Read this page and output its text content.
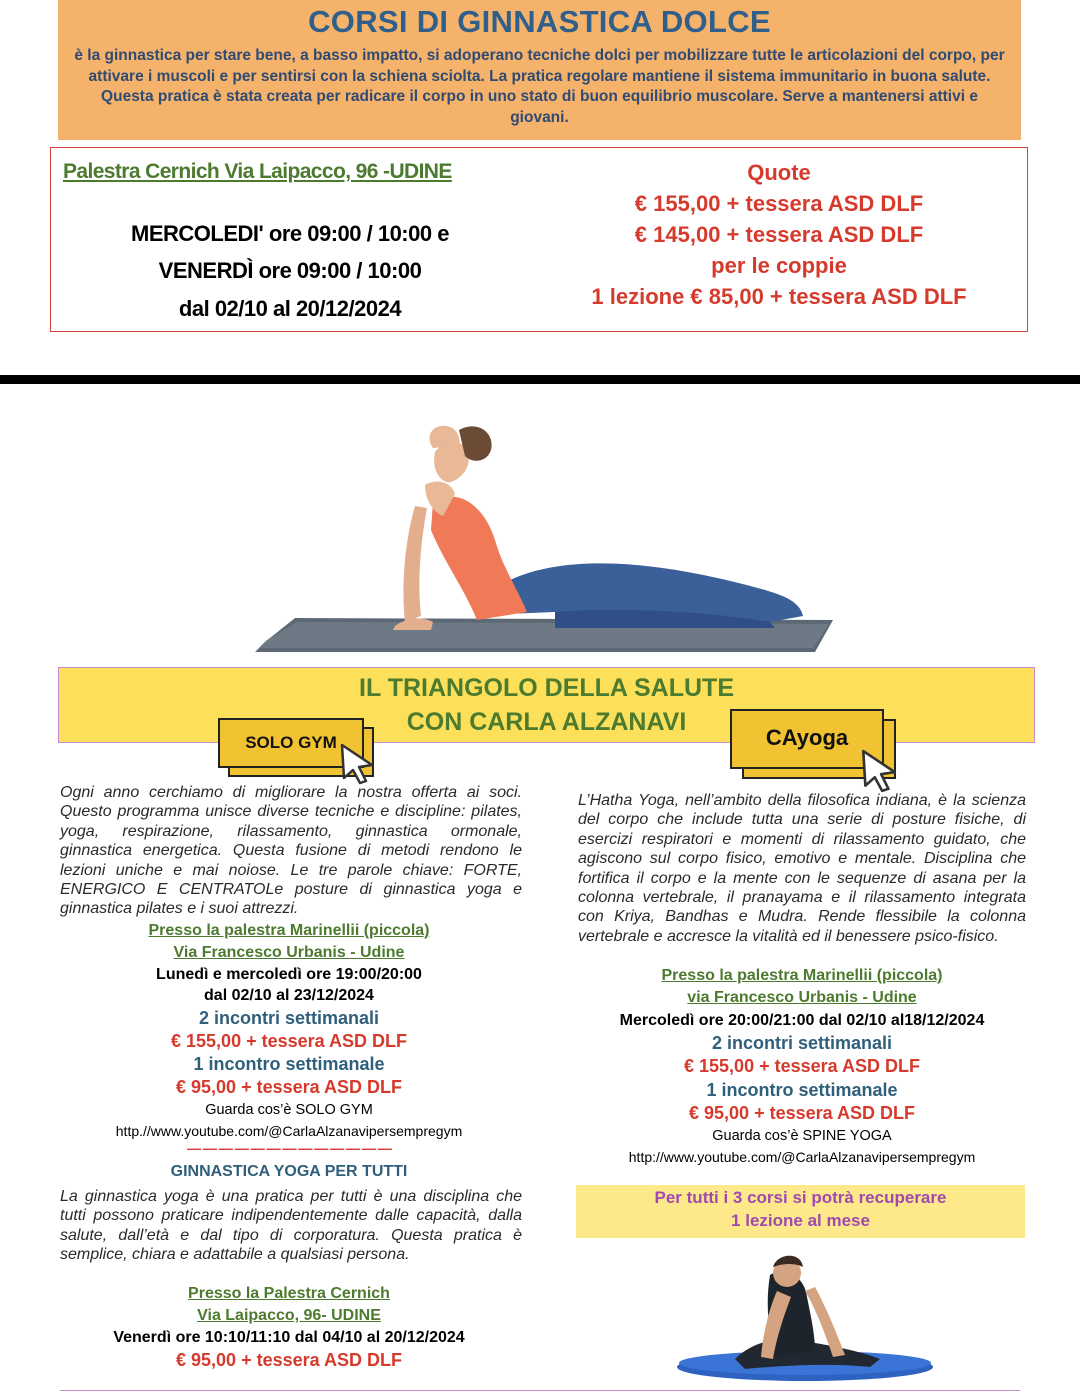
CORSI DI GINNASTICA DOLCE
è la ginnastica per stare bene, a basso impatto, si adoperano tecniche dolci per mobilizzare tutte le articolazioni del corpo, per attivare i muscoli e per sentirsi con la schiena sciolta. La pratica regolare mantiene il sistema immunitario in buona salute. Questa pratica è stata creata per radicare il corpo in uno stato di buon equilibrio muscolare. Serve a mantenersi attivi e giovani.
Palestra Cernich Via Laipacco, 96 -UDINE
MERCOLEDI' ore 09:00 / 10:00 e
VENERDÌ ore 09:00 / 10:00
dal 02/10 al 20/12/2024
Quote
€ 155,00 + tessera ASD DLF
€ 145,00 + tessera ASD DLF
per le coppie
1 lezione € 85,00 + tessera ASD DLF
IL TRIANGOLO DELLA SALUTE
CON CARLA ALZANAVI
SOLO GYM	CAyoga
Ogni anno cerchiamo di migliorare la nostra offerta ai soci. Questo programma unisce diverse tecniche e discipline: pilates, yoga, respirazione, rilassamento, ginnastica ormonale, ginnastica energetica. Questa fusione di metodi rendono le lezioni uniche e mai noiose. Le tre parole chiave: FORTE, ENERGICO E CENTRATOLe posture di ginnastica yoga e ginnastica pilates e i suoi attrezzi.
Presso la palestra Marinellii (piccola)
Via Francesco Urbanis - Udine
Lunedì e mercoledì ore 19:00/20:00
dal 02/10 al 23/12/2024
2 incontri settimanali
€ 155,00 + tessera ASD DLF
1 incontro settimanale
€ 95,00 + tessera ASD DLF
Guarda cos’è SOLO GYM
http.//www.youtube.com/@CarlaAlzanavipersempregym
— — — — — — — — — — — — —
GINNASTICA YOGA PER TUTTI
La ginnastica yoga è una pratica per tutti è una disciplina che tutti possono praticare indipendentemente dalle capacità, dalla salute, dall’età e dal tipo di corporatura. Questa pratica è semplice, chiara e adattabile a qualsiasi persona.
Presso la Palestra Cernich
Via Laipacco, 96- UDINE
Venerdì ore 10:10/11:10 dal 04/10 al 20/12/2024
€ 95,00 + tessera ASD DLF
L’Hatha Yoga, nell’ambito della filosofica indiana, è la scienza del corpo che include tutta una serie di posture fisiche, di esercizi respiratori e momenti di rilassamento guidato, che agiscono sul corpo fisico, emotivo e mentale. Disciplina che fortifica il corpo e la mente con le sequenze di asana per la colonna vertebrale, il pranayama e il rilassamento integrata con Kriya, Bandhas e Mudra. Rende flessibile la colonna vertebrale e accresce la vitalità ed il benessere psico-fisico.
Presso la palestra Marinellii (piccola)
via Francesco Urbanis - Udine
Mercoledì ore 20:00/21:00 dal 02/10 al18/12/2024
2 incontri settimanali
€ 155,00 + tessera ASD DLF
1 incontro settimanale
€ 95,00 + tessera ASD DLF
Guarda cos’è SPINE YOGA
http://www.youtube.com/@CarlaAlzanavipersempregym
Per tutti i 3 corsi si potrà recuperare
1 lezione al mese
